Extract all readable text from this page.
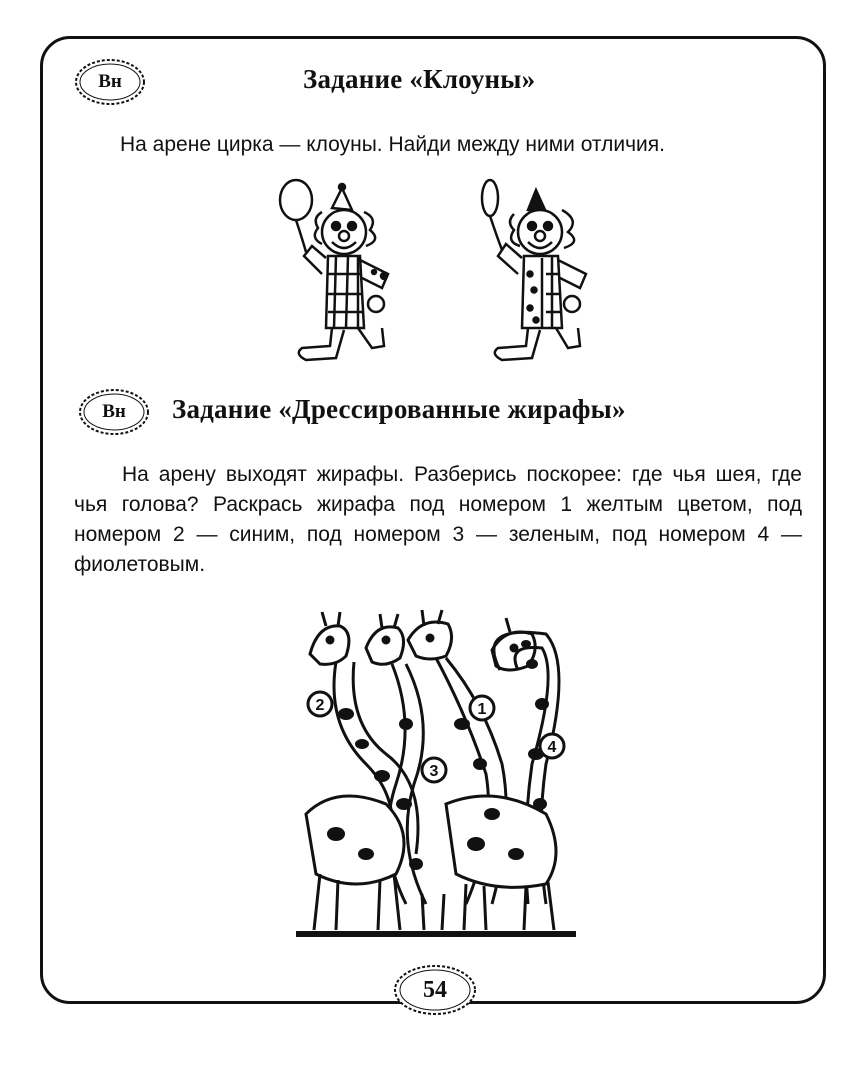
Вн	Задание «Клоуны»
На арене цирка — клоуны. Найди между ними отличия.
Вн	Задание «Дрессированные жирафы»
На арену выходят жирафы. Разберись поскорее: где чья шея, где чья голова? Раскрась жирафа под номером 1 желтым цветом, под номером 2 — синим, под номером 3 — зеленым, под номером 4 — фиолетовым.
1
2
3
4
54
